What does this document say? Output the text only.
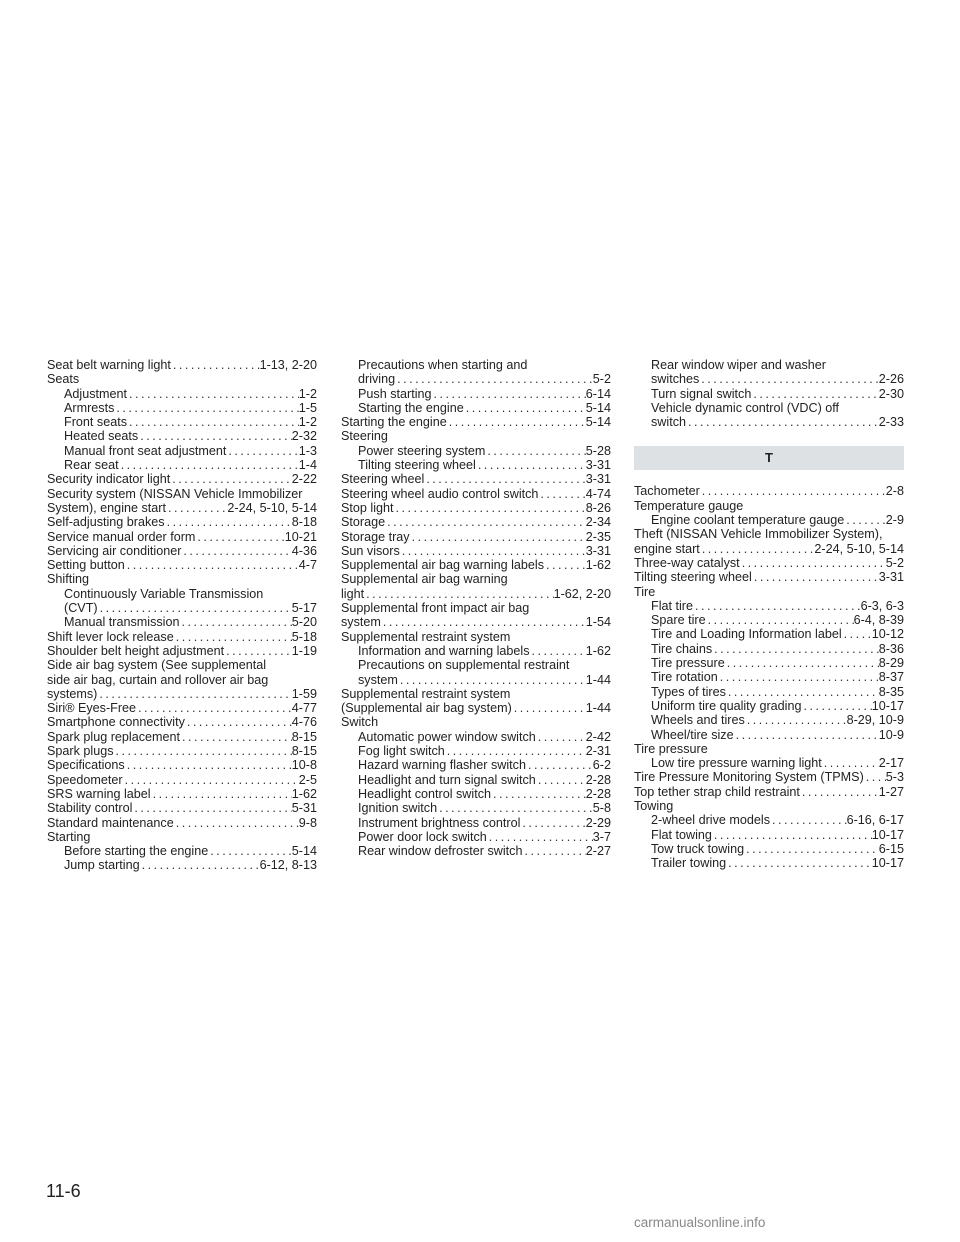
Seat belt warning light . . .	1-13, 2-20
Seats
Adjustment . . .	1-2
Armrests . . .	1-5
Front seats . . .	1-2
Heated seats . . .	2-32
Manual front seat adjustment . . .	1-3
Rear seat . . .	1-4
Security indicator light . . .	2-22
Security system (NISSAN Vehicle Immobilizer
System), engine start . . .	2-24, 5-10, 5-14
Self-adjusting brakes . . .	8-18
Service manual order form . . .	10-21
Servicing air conditioner . . .	4-36
Setting button . . .	4-7
Shifting
Continuously Variable Transmission
(CVT) . . .	5-17
Manual transmission . . .	5-20
Shift lever lock release . . .	5-18
Shoulder belt height adjustment . . .	1-19
Side air bag system (See supplemental
side air bag, curtain and rollover air bag
systems) . . .	1-59
Siri® Eyes-Free . . .	4-77
Smartphone connectivity . . .	4-76
Spark plug replacement . . .	8-15
Spark plugs . . .	8-15
Specifications . . .	10-8
Speedometer . . .	2-5
SRS warning label . . .	1-62
Stability control . . .	5-31
Standard maintenance . . .	9-8
Starting
Before starting the engine . . .	5-14
Jump starting . . .	6-12, 8-13
Precautions when starting and
driving . . .	5-2
Push starting . . .	6-14
Starting the engine . . .	5-14
Starting the engine . . .	5-14
Steering
Power steering system . . .	5-28
Tilting steering wheel . . .	3-31
Steering wheel . . .	3-31
Steering wheel audio control switch . . .	4-74
Stop light . . .	8-26
Storage . . .	2-34
Storage tray . . .	2-35
Sun visors . . .	3-31
Supplemental air bag warning labels . . .	1-62
Supplemental air bag warning
light . . .	1-62, 2-20
Supplemental front impact air bag
system . . .	1-54
Supplemental restraint system
Information and warning labels . . .	1-62
Precautions on supplemental restraint
system . . .	1-44
Supplemental restraint system
(Supplemental air bag system) . . .	1-44
Switch
Automatic power window switch . . .	2-42
Fog light switch . . .	2-31
Hazard warning flasher switch . . .	6-2
Headlight and turn signal switch . . .	2-28
Headlight control switch . . .	2-28
Ignition switch . . .	5-8
Instrument brightness control . . .	2-29
Power door lock switch . . .	3-7
Rear window defroster switch . . .	2-27
Rear window wiper and washer
switches . . .	2-26
Turn signal switch . . .	2-30
Vehicle dynamic control (VDC) off
switch . . .	2-33
T
Tachometer . . .	2-8
Temperature gauge
Engine coolant temperature gauge . . .	2-9
Theft (NISSAN Vehicle Immobilizer System),
engine start . . .	2-24, 5-10, 5-14
Three-way catalyst . . .	5-2
Tilting steering wheel . . .	3-31
Tire
Flat tire . . .	6-3, 6-3
Spare tire . . .	6-4, 8-39
Tire and Loading Information label . . . 10-12
Tire chains . . .	8-36
Tire pressure . . .	8-29
Tire rotation . . .	8-37
Types of tires . . .	8-35
Uniform tire quality grading . . .	10-17
Wheels and tires . . .	8-29, 10-9
Wheel/tire size . . .	10-9
Tire pressure
Low tire pressure warning light . . .	2-17
Tire Pressure Monitoring System (TPMS) . . . 5-3
Top tether strap child restraint . . .	1-27
Towing
2-wheel drive models . . .	6-16, 6-17
Flat towing . . .	10-17
Tow truck towing . . .	6-15
Trailer towing . . .	10-17
11-6
carmanualsonline.info
